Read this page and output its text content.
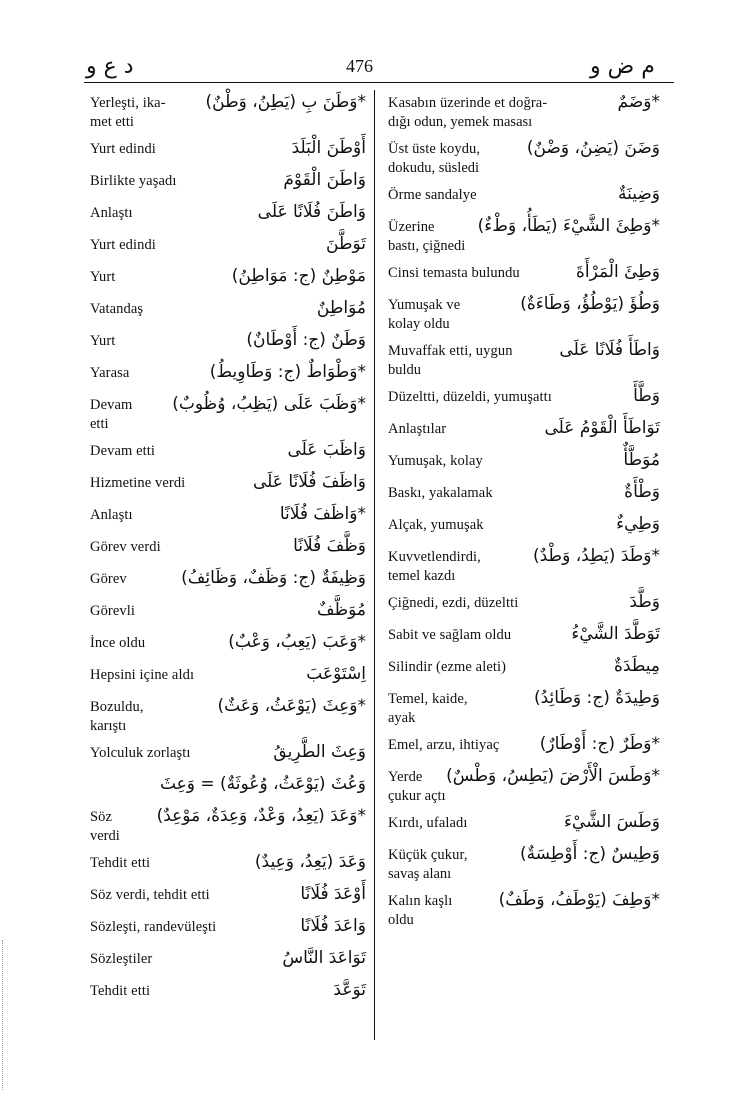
د ع و	476	م ض و
Yerleşti, ika- *وَطَنَ بِ (يَطِنُ، وَطْنٌ)
met etti
Yurt edindi	أَوْطَنَ الْبَلَدَ
Birlikte yaşadı	وَاطَنَ الْقَوْمَ
Anlaştı	وَاطَنَ فُلَانًا عَلَى
Yurt edindi	تَوَطَّنَ
Yurt	مَوْطِنٌ (ج: مَوَاطِنُ)
Vatandaş	مُوَاطِنٌ
Yurt	وَطَنٌ (ج: أَوْطَانٌ)
Yarasa	*وَطْوَاطٌ (ج: وَطَاوِيطُ)
Devam *وَظَبَ عَلَى (يَظِبُ، وُظُوبٌ)
etti
Devam etti	وَاظَبَ عَلَى
Hizmetine verdi	وَاظَفَ فُلَانًا عَلَى
Anlaştı	*وَاظَفَ فُلَانًا
Görev verdi	وَظَّفَ فُلَانًا
Görev	وَظِيفَةٌ (ج: وَظَفٌ، وَظَائِفُ)
Görevli	مُوَظَّفٌ
İnce oldu	*وَعَبَ (يَعِبُ، وَعْبٌ)
Hepsini içine aldı	اِسْتَوْعَبَ
Bozuldu,	*وَعِثَ (يَوْعَثُ، وَعَثٌ)
karıştı
Yolculuk zorlaştı	وَعِثَ الطَّرِيقُ
وَعُثَ (يَوْعَثُ، وُعُوثَةٌ) = وَعِثَ
Söz	*وَعَدَ (يَعِدُ، وَعْدٌ، وَعِدَةٌ، مَوْعِدٌ)
verdi
Tehdit etti	وَعَدَ (يَعِدُ، وَعِيدٌ)
Söz verdi, tehdit etti	أَوْعَدَ فُلَانًا
Sözleşti, randevüleşti	وَاعَدَ فُلَانًا
Sözleştiler	تَوَاعَدَ النَّاسُ
Tehdit etti	تَوَعَّدَ
Kasabın üzerinde et doğra-	*وَضَمٌ
dığı odun, yemek masası
Üst üste koydu,	وَضَنَ (يَضِنُ، وَضْنٌ)
dokudu, süsledi
Örme sandalye	وَضِينَةٌ
Üzerine	*وَطِئَ الشَّيْءَ (يَطَأُ، وَطْءٌ)
bastı, çiğnedi
Cinsi temasta bulundu	وَطِئَ الْمَرْأَةَ
Yumuşak ve	وَطُؤَ (يَوْطُؤُ، وَطَاءَةٌ)
kolay oldu
Muvaffak etti, uygun	وَاطَأَ فُلَانًا عَلَى
buldu
Düzeltti, düzeldi, yumuşattı	وَطَّأَ
Anlaştılar	تَوَاطَأَ الْقَوْمُ عَلَى
Yumuşak, kolay	مُوَطَّأٌ
Baskı, yakalamak	وَطْأَةٌ
Alçak, yumuşak	وَطِيءٌ
Kuvvetlendirdi,	*وَطَدَ (يَطِدُ، وَطْدٌ)
temel kazdı
Çiğnedi, ezdi, düzeltti	وَطَّدَ
Sabit ve sağlam oldu	تَوَطَّدَ الشَّيْءُ
Silindir (ezme aleti)	مِيطَدَةٌ
Temel, kaide,	وَطِيدَةٌ (ج: وَطَائِدُ)
ayak
Emel, arzu, ihtiyaç *وَطَرٌ (ج: أَوْطَارٌ)
Yerde *وَطَسَ الْأَرْضَ (يَطِسُ، وَطْسٌ)
çukur açtı
Kırdı, ufaladı	وَطَسَ الشَّيْءَ
Küçük çukur,	وَطِيسٌ (ج: أَوْطِسَةٌ)
savaş alanı
Kalın kaşlı	*وَطِفَ (يَوْطَفُ، وَطَفٌ)
oldu
